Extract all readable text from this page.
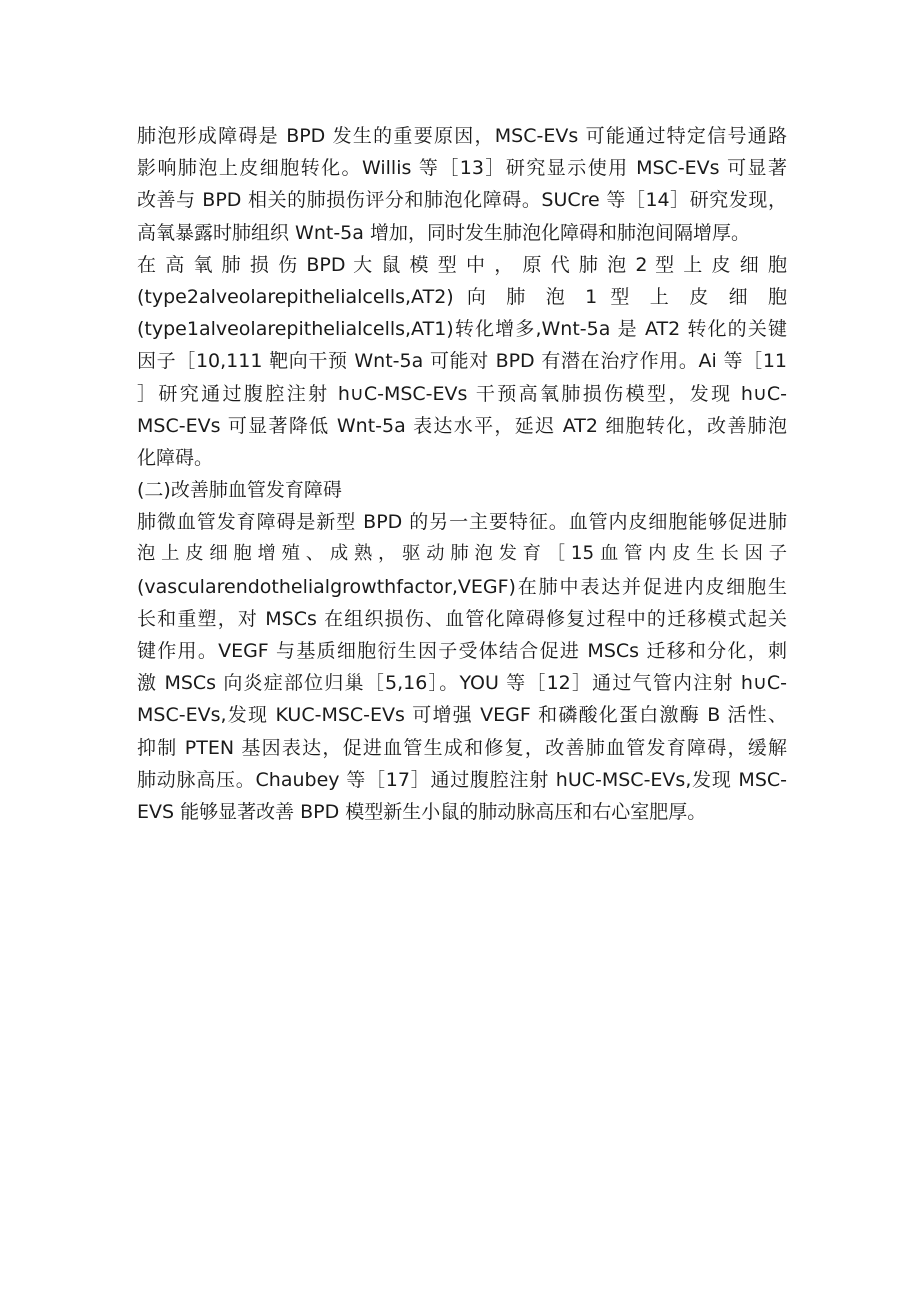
肺泡形成障碍是 BPD 发生的重要原因，MSC-EVs 可能通过特定信号通路
影响肺泡上皮细胞转化。Willis 等［13］研究显示使用 MSC-EVs 可显著
改善与 BPD 相关的肺损伤评分和肺泡化障碍。SUCre 等［14］研究发现，
高氧暴露时肺组织 Wnt-5a 增加，同时发生肺泡化障碍和肺泡间隔增厚。
在 高 氧 肺 损 伤 BPD 大 鼠 模 型 中 ， 原 代 肺 泡 2 型 上 皮 细 胞
(type2alveolarepithelialcells,AT2) 向 肺 泡 1 型 上 皮 细 胞
(type1alveolarepithelialcells,AT1)转化增多,Wnt-5a 是 AT2 转化的关键
因子［10,111 靶向干预 Wnt-5a 可能对 BPD 有潜在治疗作用。Ai 等［11
］研究通过腹腔注射 h∪C-MSC-EVs 干预高氧肺损伤模型，发现 h∪C-
MSC-EVs 可显著降低 Wnt-5a 表达水平，延迟 AT2 细胞转化，改善肺泡
化障碍。
(二)改善肺血管发育障碍
肺微血管发育障碍是新型 BPD 的另一主要特征。血管内皮细胞能够促进肺
泡 上 皮 细 胞 增 殖 、 成 熟 ， 驱 动 肺 泡 发 育 ［ 15 血 管 内 皮 生 长 因 子
(vascularendothelialgrowthfactor,VEGF)在肺中表达并促进内皮细胞生
长和重塑，对 MSCs 在组织损伤、血管化障碍修复过程中的迁移模式起关
键作用。VEGF 与基质细胞衍生因子受体结合促进 MSCs 迁移和分化，刺
激 MSCs 向炎症部位归巢［5,16］。YOU 等［12］通过气管内注射 h∪C-
MSC-EVs,发现 KUC-MSC-EVs 可增强 VEGF 和磷酸化蛋白激酶 B 活性、
抑制 PTEN 基因表达，促进血管生成和修复，改善肺血管发育障碍，缓解
肺动脉高压。Chaubey 等［17］通过腹腔注射 hUC-MSC-EVs,发现 MSC-
EVS 能够显著改善 BPD 模型新生小鼠的肺动脉高压和右心室肥厚。
